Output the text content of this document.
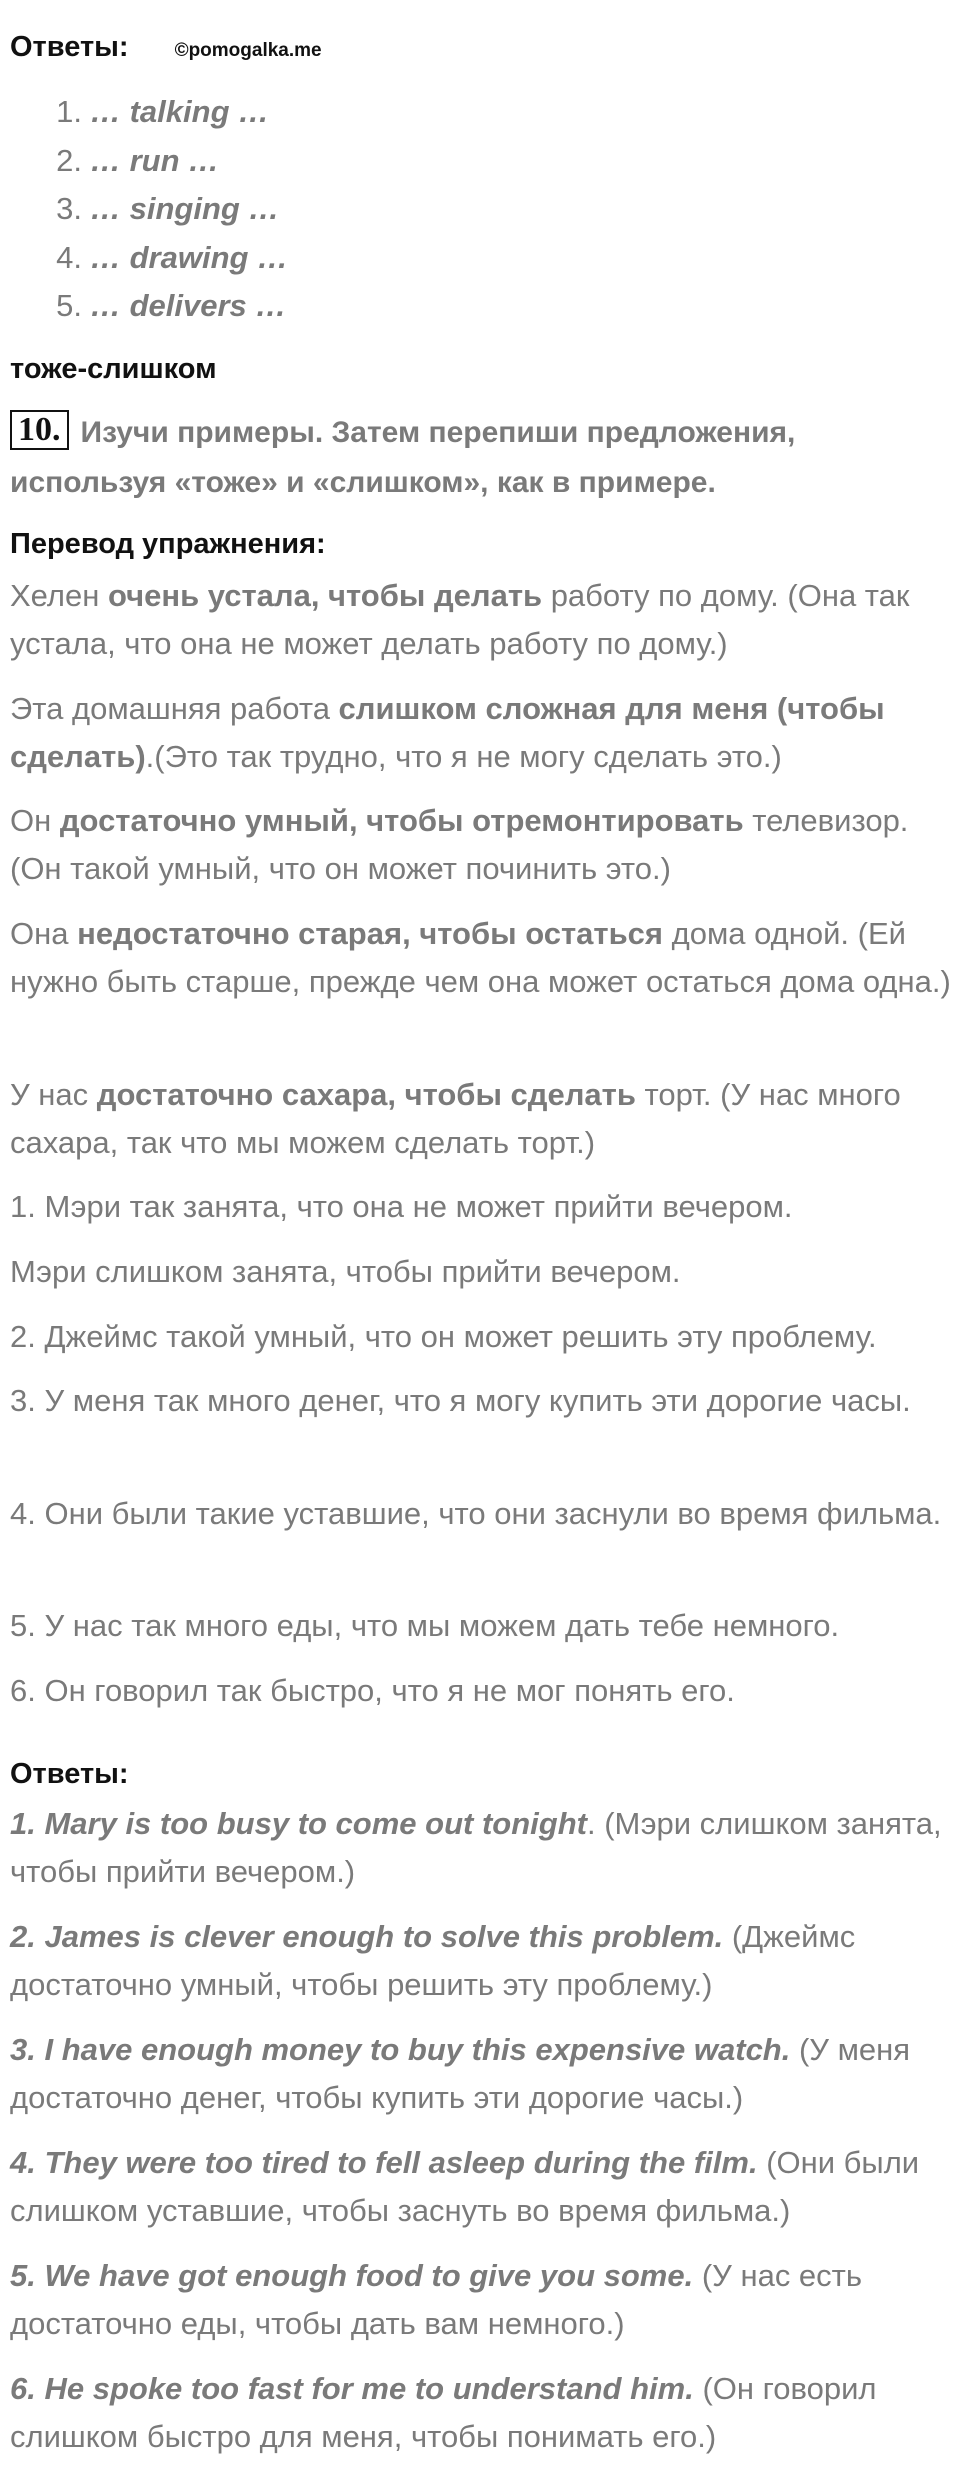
Ответы: ©pomogalka.me
1. … talking …
2. … run …
3. … singing …
4. … drawing …
5. … delivers …
тоже-слишком
10. Изучи примеры. Затем перепиши предложения, используя «тоже» и «слишком», как в примере.
Перевод упражнения:
Хелен очень устала, чтобы делать работу по дому. (Она так устала, что она не может делать работу по дому.)
Эта домашняя работа слишком сложная для меня (чтобы сделать).(Это так трудно, что я не могу сделать это.)
Он достаточно умный, чтобы отремонтировать телевизор. (Он такой умный, что он может починить это.)
Она недостаточно старая, чтобы остаться дома одной. (Ей нужно быть старше, прежде чем она может остаться дома одна.)
У нас достаточно сахара, чтобы сделать торт. (У нас много сахара, так что мы можем сделать торт.)
1. Мэри так занята, что она не может прийти вечером.
Мэри слишком занята, чтобы прийти вечером.
2. Джеймс такой умный, что он может решить эту проблему.
3. У меня так много денег, что я могу купить эти дорогие часы.
4. Они были такие уставшие, что они заснули во время фильма.
5. У нас так много еды, что мы можем дать тебе немного.
6. Он говорил так быстро, что я не мог понять его.
Ответы:
1. Mary is too busy to come out tonight. (Мэри слишком занята, чтобы прийти вечером.)
2. James is clever enough to solve this problem. (Джеймс достаточно умный, чтобы решить эту проблему.)
3. I have enough money to buy this expensive watch. (У меня достаточно денег, чтобы купить эти дорогие часы.)
4. They were too tired to fell asleep during the film. (Они были слишком уставшие, чтобы заснуть во время фильма.)
5. We have got enough food to give you some. (У нас есть достаточно еды, чтобы дать вам немного.)
6. He spoke too fast for me to understand him. (Он говорил слишком быстро для меня, чтобы понимать его.)
